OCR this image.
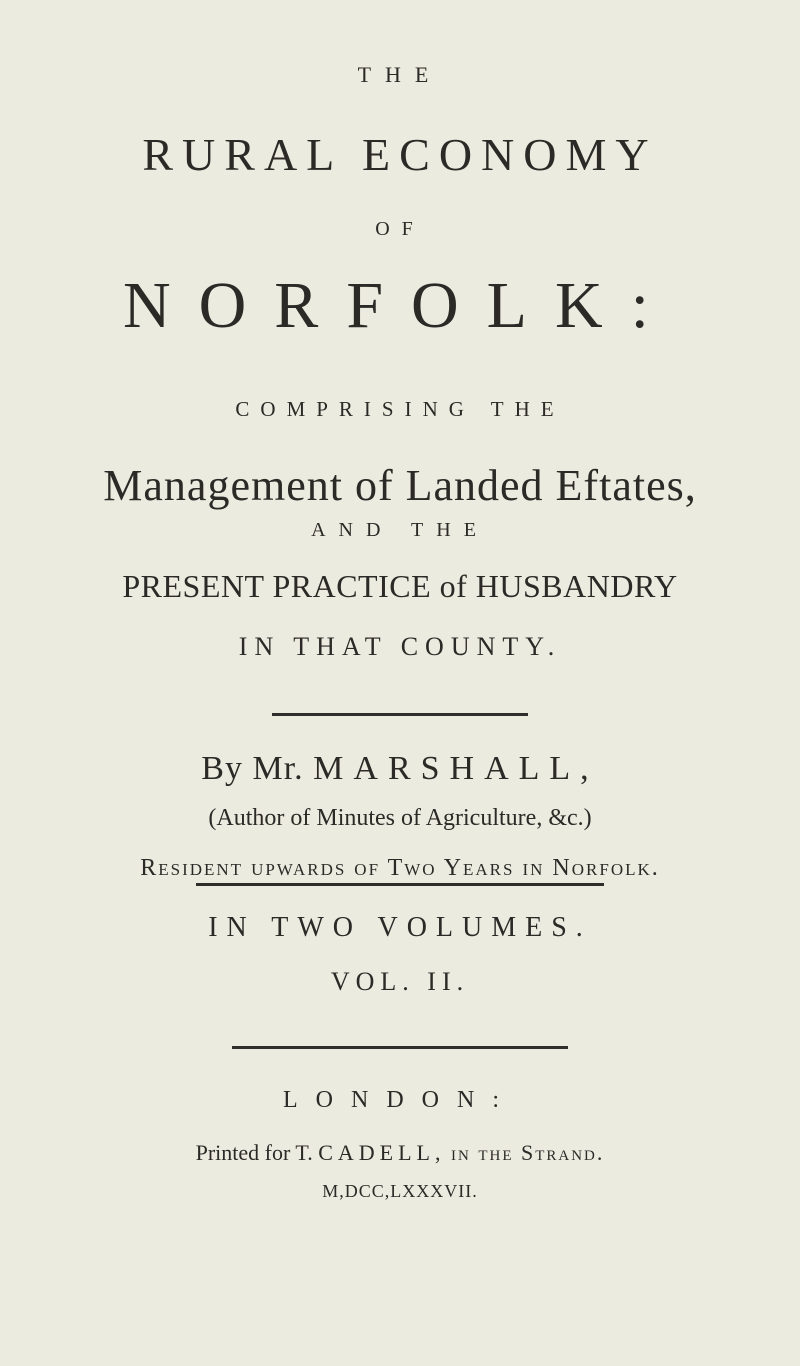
THE
RURAL ECONOMY
OF
NORFOLK:
COMPRISING THE
Management of Landed Eftates,
AND THE
PRESENT PRACTICE of HUSBANDRY
IN THAT COUNTY.
By Mr. MARSHALL,
(Author of Minutes of Agriculture, &c.)
Resident upwards of Two Years in Norfolk.
IN TWO VOLUMES.
VOL. II.
LONDON:
Printed for T. CADELL, in the Strand.
M,DCC,LXXXVII.
